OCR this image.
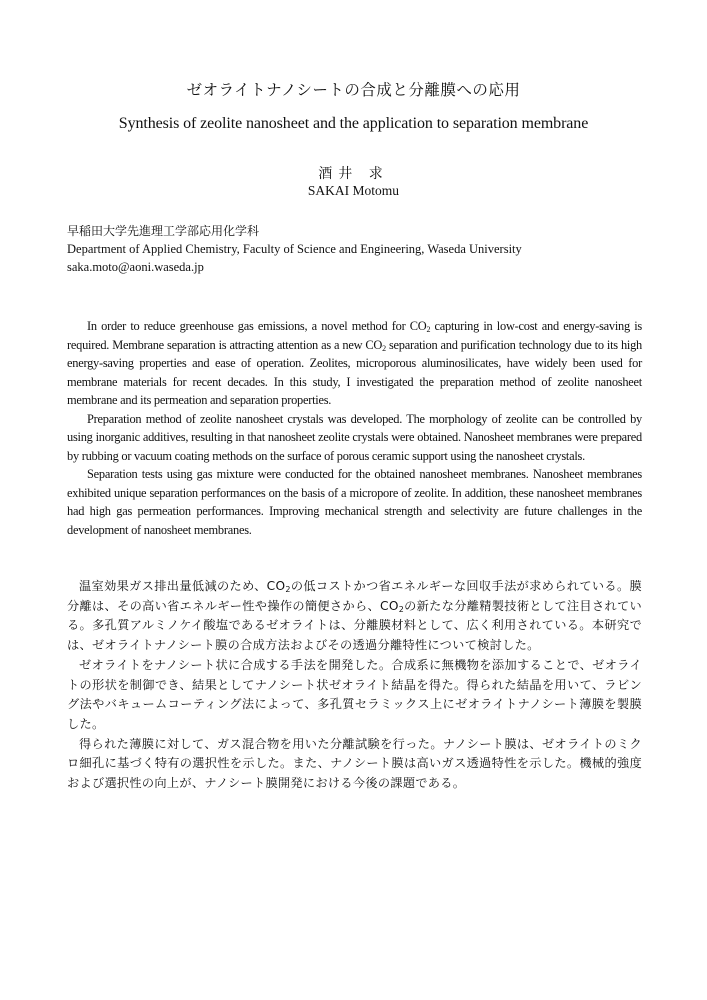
ゼオライトナノシートの合成と分離膜への応用
Synthesis of zeolite nanosheet and the application to separation membrane
酒井 求
SAKAI Motomu
早稲田大学先進理工学部応用化学科
Department of Applied Chemistry, Faculty of Science and Engineering, Waseda University
saka.moto@aoni.waseda.jp

In order to reduce greenhouse gas emissions, a novel method for $CO_2$ capturing in low-cost and energy-saving is required. Membrane separation is attracting attention as a new $CO_2$ separation and purification technology due to its high energy-saving properties and ease of operation. Zeolites, microporous aluminosilicates, have widely been used for membrane materials for recent decades. In this study, I investigated the preparation method of zeolite nanosheet membrane and its permeation and separation properties.

Preparation method of zeolite nanosheet crystals was developed. The morphology of zeolite can be controlled by using inorganic additives, resulting in that nanosheet zeolite crystals were obtained. Nanosheet membranes were prepared by rubbing or vacuum coating methods on the surface of porous ceramic support using the nanosheet crystals.

Separation tests using gas mixture were conducted for the obtained nanosheet membranes. Nanosheet membranes exhibited unique separation performances on the basis of a micropore of zeolite. In addition, these nanosheet membranes had high gas permeation performances. Improving mechanical strength and selectivity are future challenges in the development of nanosheet membranes.

温室効果ガス排出量低減のため、$CO_2$の低コストかつ省エネルギーな回収手法が求められている。膜分離は、その高い省エネルギー性や操作の簡便さから、$CO_2$の新たな分離精製技術として注目されている。多孔質アルミノケイ酸塩であるゼオライトは、分離膜材料として、広く利用されている。本研究では、ゼオライトナノシート膜の合成方法およびその透過分離特性について検討した。

ゼオライトをナノシート状に合成する手法を開発した。合成系に無機物を添加することで、ゼオライトの形状を制御でき、結果としてナノシート状ゼオライト結晶を得た。得られた結晶を用いて、ラビング法やバキュームコーティング法によって、多孔質セラミックス上にゼオライトナノシート薄膜を製膜した。

得られた薄膜に対して、ガス混合物を用いた分離試験を行った。ナノシート膜は、ゼオライトのミクロ細孔に基づく特有の選択性を示した。また、ナノシート膜は高いガス透過特性を示した。機械的強度および選択性の向上が、ナノシート膜開発における今後の課題である。
